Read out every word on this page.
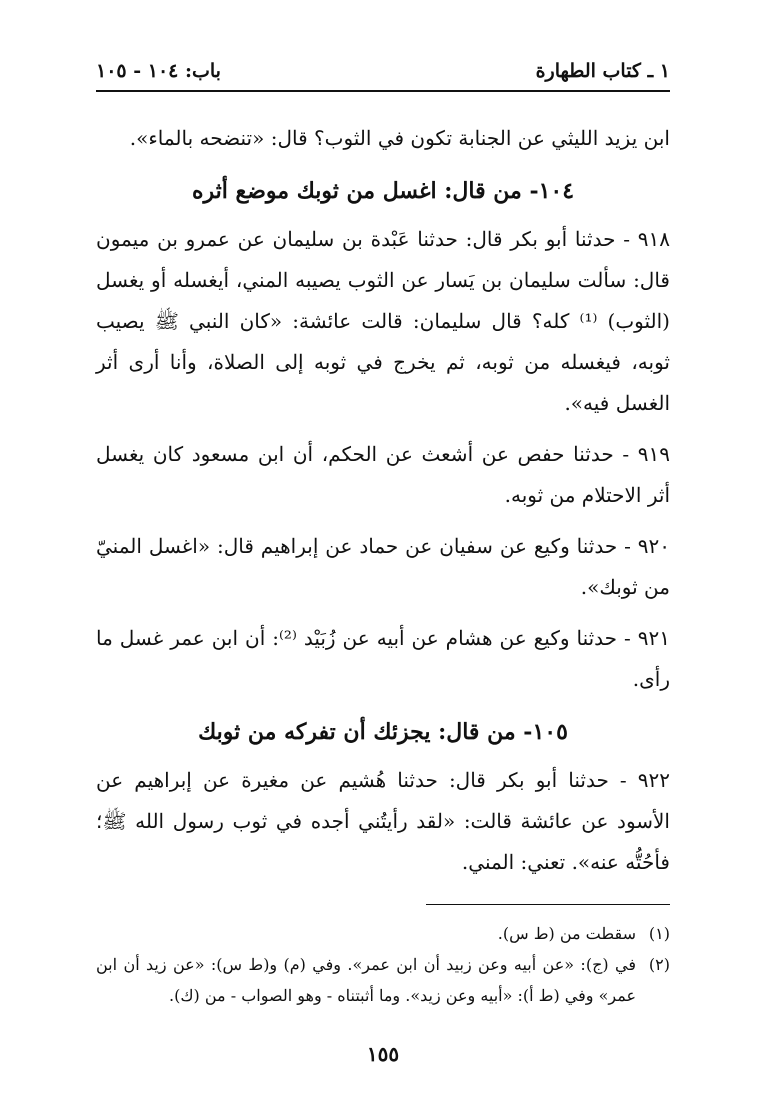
١ ـ كتاب الطهارة
باب: ١٠٤ - ١٠٥

ابن يزيد الليثي عن الجنابة تكون في الثوب؟ قال: «تنضحه بالماء».

١٠٤- من قال: اغسل من ثوبك موضع أثره

٩١٨ - حدثنا أبو بكر قال: حدثنا عَبْدة بن سليمان عن عمرو بن ميمون قال: سألت سليمان بن يَسار عن الثوب يصيبه المني، أيغسله أو يغسل (الثوب) ⁽¹⁾ كله؟ قال سليمان: قالت عائشة: «كان النبي ﷺ يصيب ثوبه، فيغسله من ثوبه، ثم يخرج في ثوبه إلى الصلاة، وأنا أرى أثر الغسل فيه».

٩١٩ - حدثنا حفص عن أشعث عن الحكم، أن ابن مسعود كان يغسل أثر الاحتلام من ثوبه.

٩٢٠ - حدثنا وكيع عن سفيان عن حماد عن إبراهيم قال: «اغسل المنيّ من ثوبك».

٩٢١ - حدثنا وكيع عن هشام عن أبيه عن زُبَيْد ⁽²⁾: أن ابن عمر غسل ما رأى.

١٠٥- من قال: يجزئك أن تفركه من ثوبك

٩٢٢ - حدثنا أبو بكر قال: حدثنا هُشيم عن مغيرة عن إبراهيم عن الأسود عن عائشة قالت: «لقد رأيتُني أجده في ثوب رسول الله ﷺ؛ فأحُتُّه عنه». تعني: المني.

(١)
سقطت من (ط س).
(٢)
في (ج): «عن أبيه وعن زبيد أن ابن عمر». وفي (م) و(ط س): «عن زيد أن ابن عمر» وفي (ط أ): «أبيه وعن زيد». وما أثبتناه - وهو الصواب - من (ك).
١٥٥
